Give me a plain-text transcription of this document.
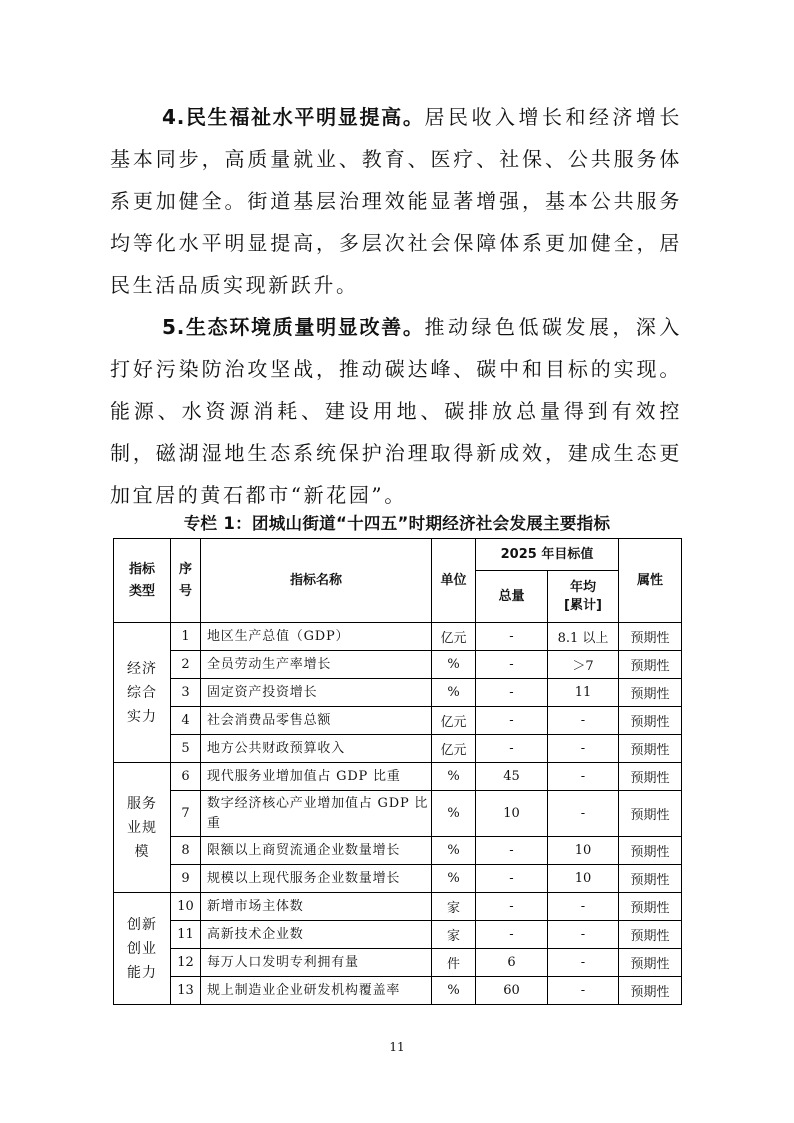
4.民生福祉水平明显提高。居民收入增长和经济增长基本同步，高质量就业、教育、医疗、社保、公共服务体系更加健全。街道基层治理效能显著增强，基本公共服务均等化水平明显提高，多层次社会保障体系更加健全，居民生活品质实现新跃升。

5.生态环境质量明显改善。推动绿色低碳发展，深入打好污染防治攻坚战，推动碳达峰、碳中和目标的实现。能源、水资源消耗、建设用地、碳排放总量得到有效控制，磁湖湿地生态系统保护治理取得新成效，建成生态更加宜居的黄石都市“新花园”。

专栏 1：团城山街道“十四五”时期经济社会发展主要指标
指标类型	序号	指标名称	单位	2025 年目标值		属性
				总量	年均
[累计]	

经济综合实力	1	地区生产总值（GDP）	亿元	-	8.1 以上	预期性
	2	全员劳动生产率增长	%	-	＞7	预期性
	3	固定资产投资增长	%	-	11	预期性
	4	社会消费品零售总额	亿元	-	-	预期性
	5	地方公共财政预算收入	亿元	-	-	预期性

服务业规模	6	现代服务业增加值占 GDP 比重	%	45	-	预期性
	7	数字经济核心产业增加值占 GDP 比重	%	10	-	预期性
	8	限额以上商贸流通企业数量增长	%	-	10	预期性
	9	规模以上现代服务企业数量增长	%	-	10	预期性

创新创业能力	10	新增市场主体数	家	-	-	预期性
	11	高新技术企业数	家	-	-	预期性
	12	每万人口发明专利拥有量	件	6	-	预期性
	13	规上制造业企业研发机构覆盖率	%	60	-	预期性
11
